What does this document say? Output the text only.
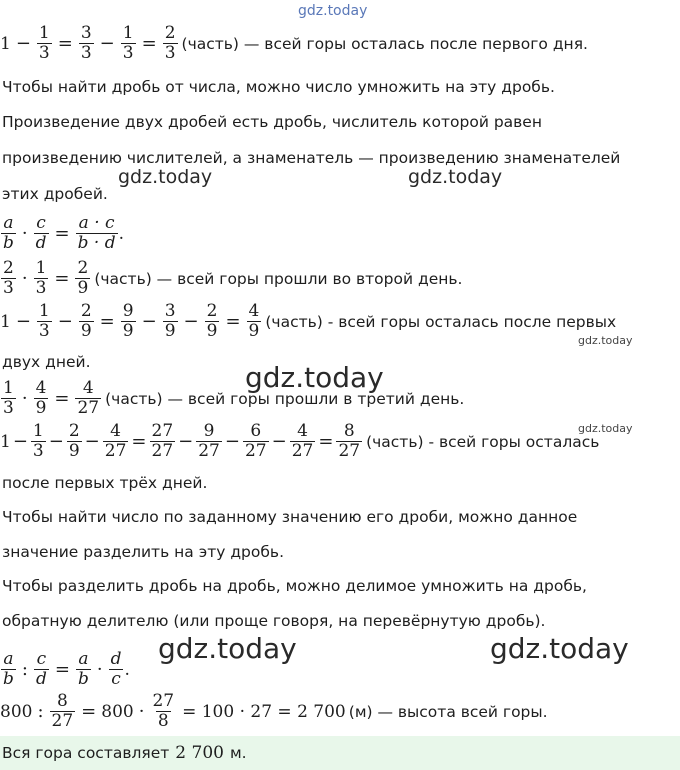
gdz.today
$1 - \frac{1}{3} = \frac{3}{3} - \frac{1}{3} = \frac{2}{3}$ (часть) — всей горы осталась после первого дня.
Чтобы найти дробь от числа, можно число умножить на эту дробь.
Произведение двух дробей есть дробь, числитель которой равен
произведению числителей, а знаменатель — произведению знаменателей
этих дробей.
gdz.today	gdz.today
$\frac{a}{b} \cdot \frac{c}{d} = \frac{a \cdot c}{b \cdot d}$ .
$\frac{2}{3} \cdot \frac{1}{3} = \frac{2}{9}$ (часть) — всей горы прошли во второй день.
$1 - \frac{1}{3} - \frac{2}{9} = \frac{9}{9} - \frac{3}{9} - \frac{2}{9} = \frac{4}{9}$ (часть) - всей горы осталась после первых
gdz.today
двух дней.	gdz.today
$\frac{1}{3} \cdot \frac{4}{9} = \frac{4}{27}$ (часть) — всей горы прошли в третий день.
gdz.today
$1 - \frac{1}{3} - \frac{2}{9} - \frac{4}{27} = \frac{27}{27} - \frac{9}{27} - \frac{6}{27} - \frac{4}{27} = \frac{8}{27}$ (часть) - всей горы осталась
после первых трёх дней.
Чтобы найти число по заданному значению его дроби, можно данное
значение разделить на эту дробь.
Чтобы разделить дробь на дробь, можно делимое умножить на дробь,
обратную делителю (или проще говоря, на перевёрнутую дробь).
gdz.today	gdz.today
$\frac{a}{b}$ : $\frac{c}{d} = \frac{a}{b} \cdot \frac{d}{c}$ .
800 : $\frac{8}{27} = 800 \cdot \frac{27}{8} = 100 \cdot 27 = 2$ 700 (м) — высота всей горы.
Вся гора составляет 2 700 м.
